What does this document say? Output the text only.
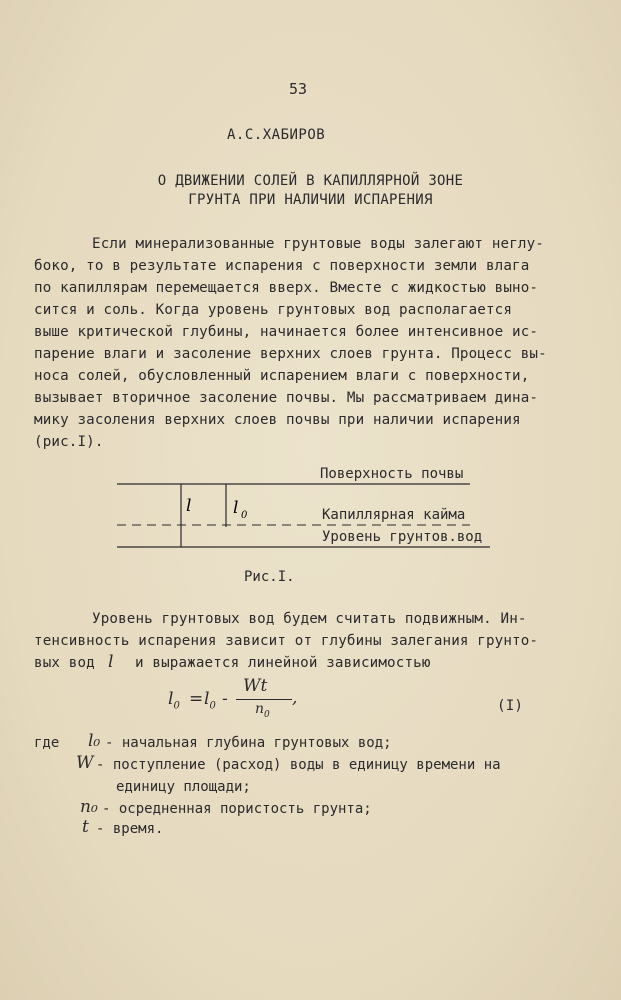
53
А.С.ХАБИРОВ
О ДВИЖЕНИИ СОЛЕЙ В КАПИЛЛЯРНОЙ ЗОНЕ
ГРУНТА ПРИ НАЛИЧИИ ИСПАРЕНИЯ
Если минерализованные грунтовые воды залегают неглу-
боко, то в результате испарения с поверхности земли влага
по капиллярам перемещается вверх. Вместе с жидкостью выно-
сится и соль. Когда уровень грунтовых вод располагается
выше критической глубины, начинается более интенсивное ис-
парение влаги и засоление верхних слоев грунта. Процесс вы-
носа солей, обусловленный испарением влаги с поверхности,
вызывает вторичное засоление почвы. Мы рассматриваем дина-
мику засоления верхних слоев почвы при наличии испарения
(рис.I).
l l 0
Поверхность почвы
Капиллярная кайма
Уровень грунтов.вод
Рис.I.
Уровень грунтовых вод будем считать подвижным. Ин-
тенсивность испарения зависит от глубины залегания грунто-
вых вод l и выражается линейной зависимостью
$l_0 = l_0$ -
Wt
$n_0$
,	(I)
где l₀ - начальная глубина грунтовых вод;
W - поступление (расход) воды в единицу времени на
единицу площади;
n₀ - осредненная пористость грунта;
t - время.
